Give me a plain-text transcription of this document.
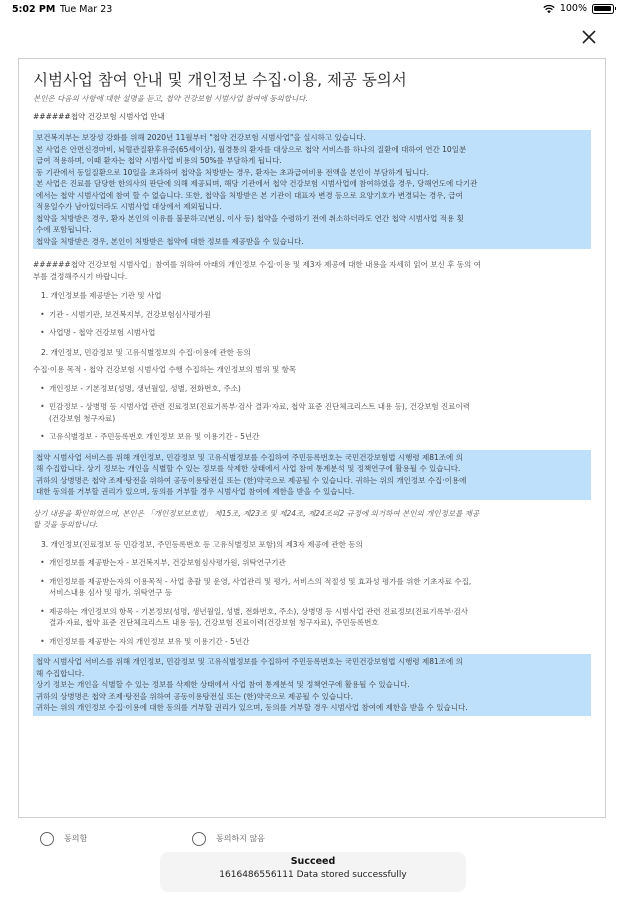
5:02 PM Tue Mar 23	100%
시범사업 참여 안내 및 개인정보 수집·이용, 제공 동의서
본인은 다음의 사항에 대한 설명을 듣고, 첩약 건강보험 시범사업 참여에 동의합니다.
######첩약 건강보험 시범사업 안내
보건복지부는 보장성 강화를 위해 2020년 11월부터 "첩약 건강보험 시범사업"을 실시하고 있습니다.
본 사업은 안면신경마비, 뇌혈관질환후유증(65세이상), 월경통의 환자를 대상으로 첩약 서비스를 하나의 질환에 대하여 연간 10일분
급여 적용하며, 이때 환자는 첩약 시범사업 비용의 50%를 부담하게 됩니다.
동 기관에서 동일질환으로 10일을 초과하여 첩약을 처방받는 경우, 환자는 초과급여비용 전액을 본인이 부담하게 됩니다.
본 사업은 진료를 담당한 한의사의 판단에 의해 제공되며, 해당 기관에서 첩약 건강보험 시범사업에 참여하였을 경우, 당해연도에 다기관
에서는 첩약 시범사업에 참여 할 수 없습니다. 또한, 첩약을 처방받은 본 기관이 대표자 변경 등으로 요양기호가 변경되는 경우, 급여
적용일수가 남아있더라도 시범사업 대상에서 제외됩니다.
첩약을 처방받은 경우, 환자 본인의 이유를 불문하고(변심, 이사 등) 첩약을 수령하기 전에 취소하더라도 연간 첩약 시범사업 적용 횟
수에 포함됩니다.
첩약을 처방받은 경우, 본인이 처방받은 첩약에 대한 정보를 제공받을 수 있습니다.
######첩약 건강보험 시범사업」참여를 위하여 아래의 개인정보 수집·이용 및 제3자 제공에 대한 내용을 자세히 읽어 보신 후 동의 여
부를 결정해주시기 바랍니다.
1. 개인정보를 제공받는 기관 및 사업
• 기관 - 시범기관, 보건복지부, 건강보험심사평가원
• 사업명 - 첩약 건강보험 시범사업
2. 개인정보, 민감정보 및 고유식별정보의 수집·이용에 관한 동의
수집·이용 목적 - 첩약 건강보험 시범사업 수행 수집하는 개인정보의 범위 및 항목
• 개인정보 - 기본정보(성명, 생년월일, 성별, 전화번호, 주소)
• 민감정보 - 상병명 등 시범사업 관련 진료정보(진료기록부·검사 결과·자료, 첩약 표준 진단체크리스트 내용 등), 건강보험 진료이력
(건강보험 청구자료)
• 고유식별정보 - 주민등록번호 개인정보 보유 및 이용기간 - 5년간
첩약 시범사업 서비스를 위해 개인정보, 민감정보 및 고유식별정보를 수집하여 주민등록번호는 국민건강보험법 시행령 제81조에 의
해 수집합니다. 상기 정보는 개인을 식별할 수 있는 정보를 삭제한 상태에서 사업 참여 통계분석 및 정책연구에 활용될 수 있습니다.
귀하의 상병명은 첩약 조제·탕전을 위하여 공동이용탕전실 또는 (한)약국으로 제공될 수 있습니다. 귀하는 위의 개인정보 수집·이용에
대한 동의를 거부할 권리가 있으며, 동의를 거부할 경우 시범사업 참여에 제한을 받을 수 있습니다.
상기 내용을 확인하였으며, 본인은 「개인정보보호법」 제15조, 제23조 및 제24조, 제24조의2 규정에 의거하여 본인의 개인정보를 제공
할 것을 동의합니다.
3. 개인정보(진료정보 등 민감정보, 주민등록번호 등 고유식별정보 포함)의 제3자 제공에 관한 동의
• 개인정보를 제공받는자 - 보건복지부, 건강보험심사평가원, 위탁연구기관
• 개인정보를 제공받는자의 이용목적 - 사업 총괄 및 운영, 사업관리 및 평가, 서비스의 적절성 및 효과성 평가를 위한 기초자료 수집,
서비스내용 심사 및 평가, 위탁연구 등
• 제공하는 개인정보의 항목 - 기본정보(성명, 생년월일, 성별, 전화번호, 주소), 상병명 등 시범사업 관련 진료정보(진료기록부·검사
결과·자료, 첩약 표준 진단체크리스트 내용 등), 건강보험 진료이력(건강보험 청구자료), 주민등록번호
• 개인정보를 제공받는 자의 개인정보 보유 및 이용기간 - 5년간
첩약 시범사업 서비스를 위해 개인정보, 민감정보 및 고유식별정보를 수집하여 주민등록번호는 국민건강보험법 시행령 제81조에 의
해 수집합니다.
상기 정보는 개인을 식별할 수 있는 정보를 삭제한 상태에서 사업 참여 통계분석 및 정책연구에 활용될 수 있습니다.
귀하의 상병명은 첩약 조제·탕전을 위하여 공동이용탕전실 또는 (한)약국으로 제공될 수 있습니다.
귀하는 위의 개인정보 수집·이용에 대한 동의를 거부할 권리가 있으며, 동의를 거부할 경우 시범사업 참여에 제한을 받을 수 있습니다.
동의함	동의하지 않음
Succeed
1616486556111 Data stored successfully
